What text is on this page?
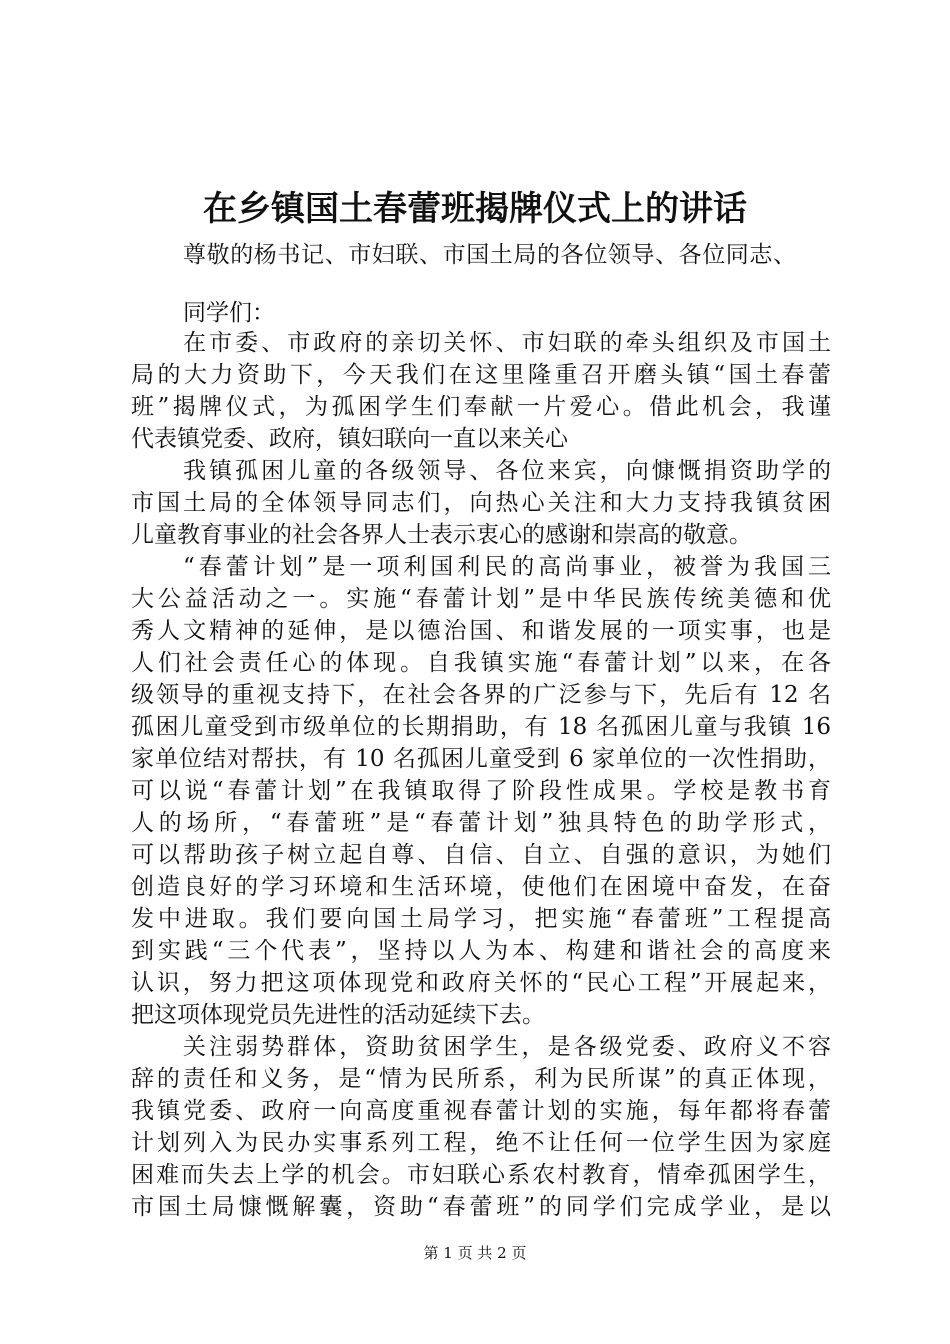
在乡镇国土春蕾班揭牌仪式上的讲话
尊敬的杨书记、市妇联、市国土局的各位领导、各位同志、
同学们：
在市委、市政府的亲切关怀、市妇联的牵头组织及市国土
局的大力资助下，今天我们在这里隆重召开磨头镇“国土春蕾
班”揭牌仪式，为孤困学生们奉献一片爱心。借此机会，我谨
代表镇党委、政府，镇妇联向一直以来关心
我镇孤困儿童的各级领导、各位来宾，向慷慨捐资助学的
市国土局的全体领导同志们，向热心关注和大力支持我镇贫困
儿童教育事业的社会各界人士表示衷心的感谢和崇高的敬意。
“春蕾计划”是一项利国利民的高尚事业，被誉为我国三
大公益活动之一。实施“春蕾计划”是中华民族传统美德和优
秀人文精神的延伸，是以德治国、和谐发展的一项实事，也是
人们社会责任心的体现。自我镇实施“春蕾计划”以来，在各
级领导的重视支持下，在社会各界的广泛参与下，先后有 12 名
孤困儿童受到市级单位的长期捐助，有 18 名孤困儿童与我镇 16
家单位结对帮扶，有 10 名孤困儿童受到 6 家单位的一次性捐助，
可以说“春蕾计划”在我镇取得了阶段性成果。学校是教书育
人的场所，“春蕾班”是“春蕾计划”独具特色的助学形式，
可以帮助孩子树立起自尊、自信、自立、自强的意识，为她们
创造良好的学习环境和生活环境，使他们在困境中奋发，在奋
发中进取。我们要向国土局学习，把实施“春蕾班”工程提高
到实践“三个代表”，坚持以人为本、构建和谐社会的高度来
认识，努力把这项体现党和政府关怀的“民心工程”开展起来，
把这项体现党员先进性的活动延续下去。
关注弱势群体，资助贫困学生，是各级党委、政府义不容
辞的责任和义务，是“情为民所系，利为民所谋”的真正体现，
我镇党委、政府一向高度重视春蕾计划的实施，每年都将春蕾
计划列入为民办实事系列工程，绝不让任何一位学生因为家庭
困难而失去上学的机会。市妇联心系农村教育，情牵孤困学生，
市国土局慷慨解囊，资助“春蕾班”的同学们完成学业，是以
第 1 页 共 2 页
